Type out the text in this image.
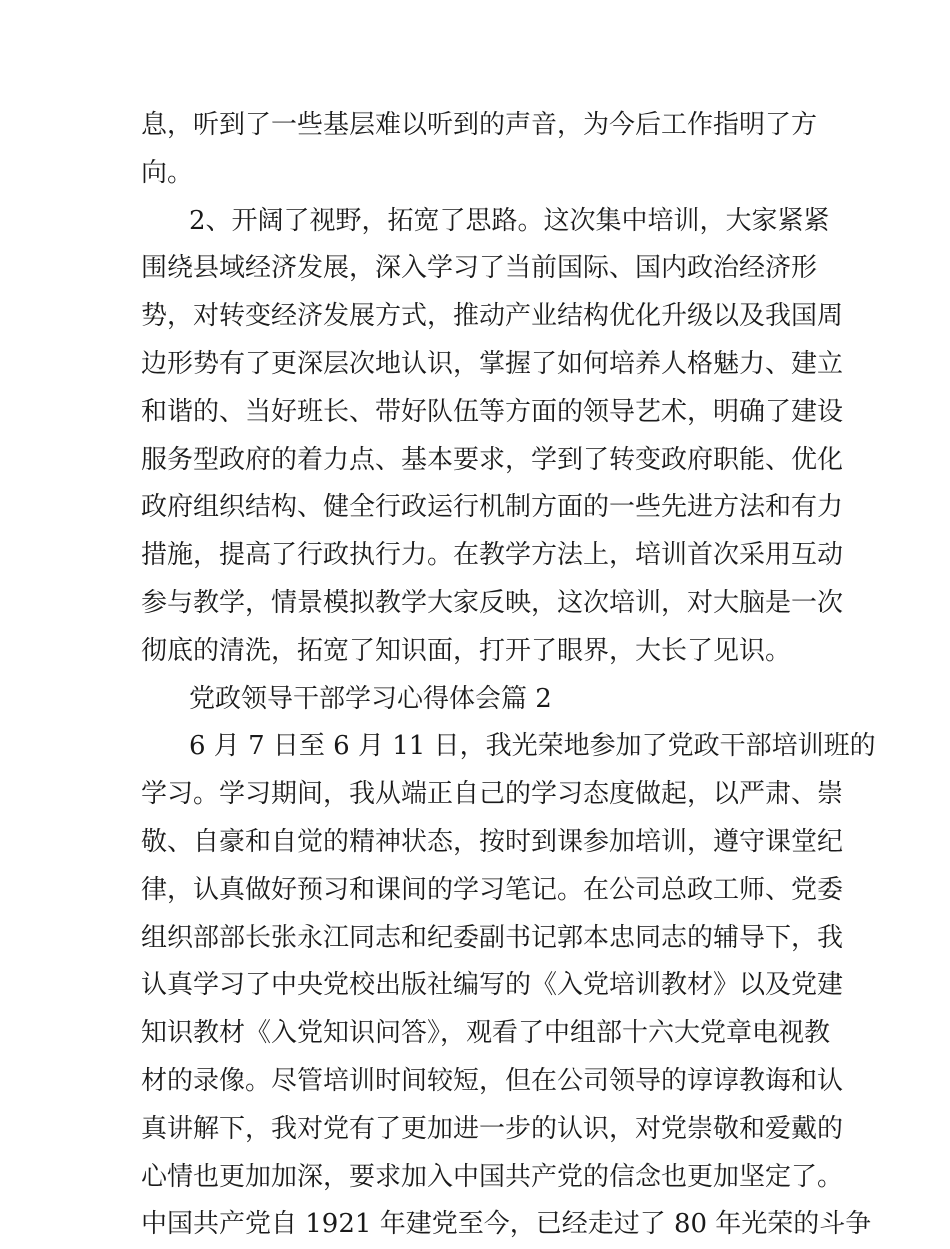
息，听到了一些基层难以听到的声音，为今后工作指明了方
向。
2、开阔了视野，拓宽了思路。这次集中培训，大家紧紧
围绕县域经济发展，深入学习了当前国际、国内政治经济形
势，对转变经济发展方式，推动产业结构优化升级以及我国周
边形势有了更深层次地认识，掌握了如何培养人格魅力、建立
和谐的、当好班长、带好队伍等方面的领导艺术，明确了建设
服务型政府的着力点、基本要求，学到了转变政府职能、优化
政府组织结构、健全行政运行机制方面的一些先进方法和有力
措施，提高了行政执行力。在教学方法上，培训首次采用互动
参与教学，情景模拟教学大家反映，这次培训，对大脑是一次
彻底的清洗，拓宽了知识面，打开了眼界，大长了见识。
党政领导干部学习心得体会篇 2
6 月 7 日至 6 月 11 日，我光荣地参加了党政干部培训班的
学习。学习期间，我从端正自己的学习态度做起，以严肃、崇
敬、自豪和自觉的精神状态，按时到课参加培训，遵守课堂纪
律，认真做好预习和课间的学习笔记。在公司总政工师、党委
组织部部长张永江同志和纪委副书记郭本忠同志的辅导下，我
认真学习了中央党校出版社编写的《入党培训教材》以及党建
知识教材《入党知识问答》，观看了中组部十六大党章电视教
材的录像。尽管培训时间较短，但在公司领导的谆谆教诲和认
真讲解下，我对党有了更加进一步的认识，对党崇敬和爱戴的
心情也更加加深，要求加入中国共产党的信念也更加坚定了。
中国共产党自 1921 年建党至今，已经走过了 80 年光荣的斗争
